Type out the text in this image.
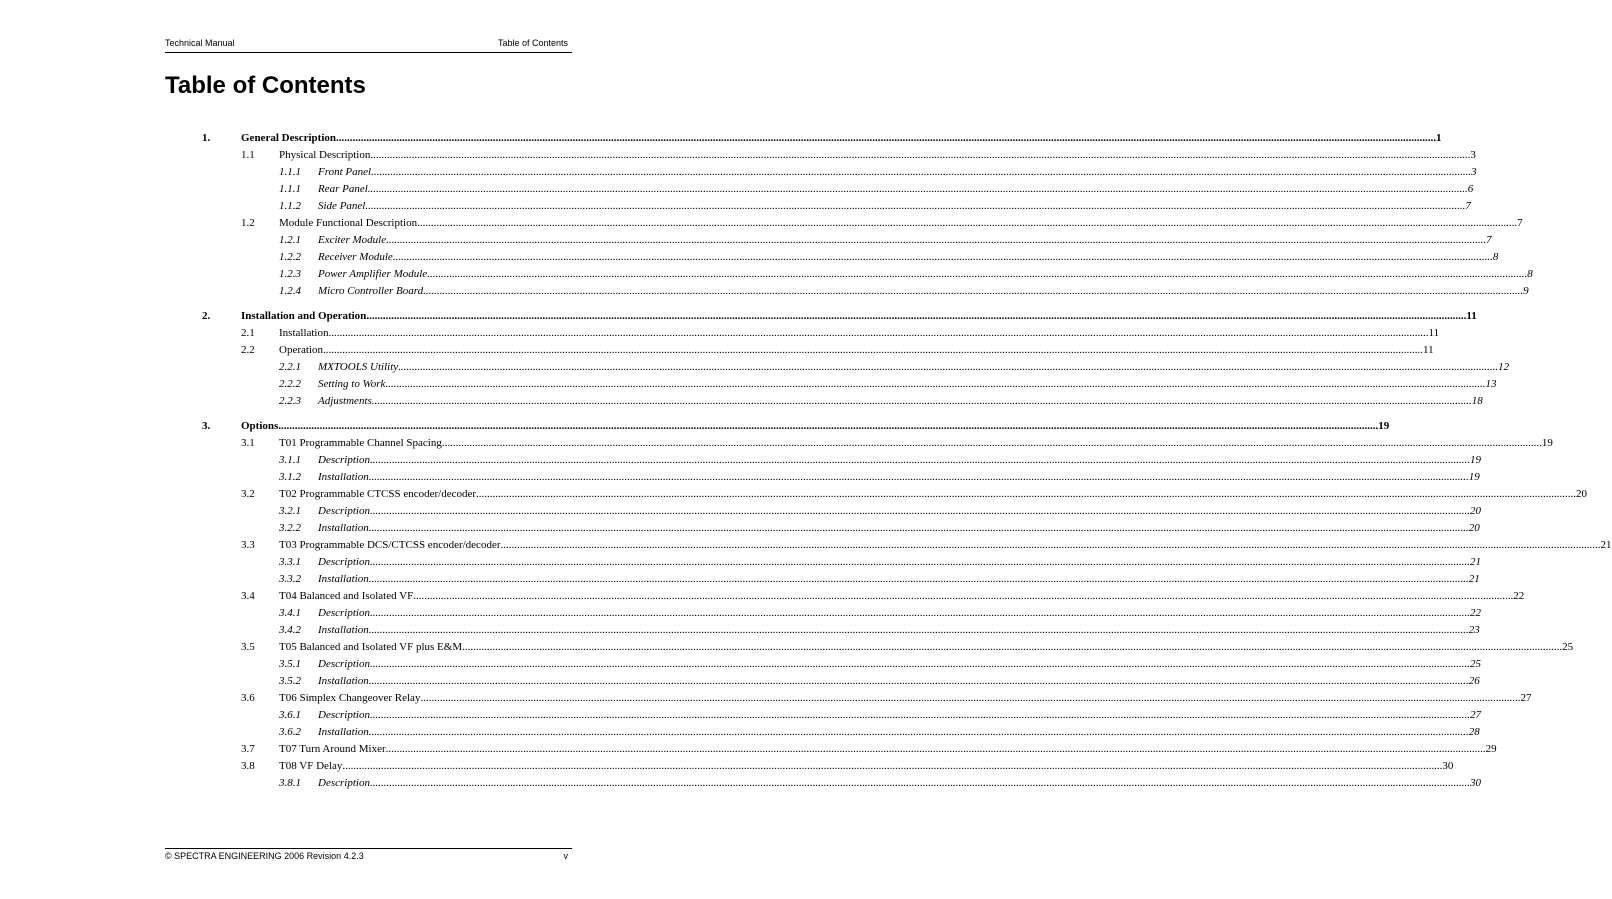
Technical Manual	Table of Contents
Table of Contents
1.	General Description ................................................................................................................................................................................................................................................................................................................................................................................................................ 1
1.1 Physical Description ................................................................................................................................................................................................................................................................................................................................................................................................................ 3
1.1.1 Front Panel ................................................................................................................................................................................................................................................................................................................................................................................................................ 3
1.1.1 Rear Panel ................................................................................................................................................................................................................................................................................................................................................................................................................ 6
1.1.2 Side Panel ................................................................................................................................................................................................................................................................................................................................................................................................................ 7
1.2 Module Functional Description ................................................................................................................................................................................................................................................................................................................................................................................................................ 7
1.2.1 Exciter Module ................................................................................................................................................................................................................................................................................................................................................................................................................ 7
1.2.2 Receiver Module ................................................................................................................................................................................................................................................................................................................................................................................................................ 8
1.2.3 Power Amplifier Module ................................................................................................................................................................................................................................................................................................................................................................................................................ 8
1.2.4 Micro Controller Board ................................................................................................................................................................................................................................................................................................................................................................................................................ 9
2.	Installation and Operation ................................................................................................................................................................................................................................................................................................................................................................................................................ 11
2.1 Installation ................................................................................................................................................................................................................................................................................................................................................................................................................ 11
2.2 Operation ................................................................................................................................................................................................................................................................................................................................................................................................................ 11
2.2.1 MXTOOLS Utility ................................................................................................................................................................................................................................................................................................................................................................................................................ 12
2.2.2 Setting to Work ................................................................................................................................................................................................................................................................................................................................................................................................................ 13
2.2.3 Adjustments ................................................................................................................................................................................................................................................................................................................................................................................................................ 18
3.	Options ................................................................................................................................................................................................................................................................................................................................................................................................................ 19
3.1 T01 Programmable Channel Spacing ................................................................................................................................................................................................................................................................................................................................................................................................................ 19
3.1.1 Description ................................................................................................................................................................................................................................................................................................................................................................................................................ 19
3.1.2 Installation ................................................................................................................................................................................................................................................................................................................................................................................................................ 19
3.2 T02 Programmable CTCSS encoder/decoder ................................................................................................................................................................................................................................................................................................................................................................................................................ 20
3.2.1 Description ................................................................................................................................................................................................................................................................................................................................................................................................................ 20
3.2.2 Installation ................................................................................................................................................................................................................................................................................................................................................................................................................ 20
3.3 T03 Programmable DCS/CTCSS encoder/decoder ................................................................................................................................................................................................................................................................................................................................................................................................................ 21
3.3.1 Description ................................................................................................................................................................................................................................................................................................................................................................................................................ 21
3.3.2 Installation ................................................................................................................................................................................................................................................................................................................................................................................................................ 21
3.4 T04 Balanced and Isolated VF ................................................................................................................................................................................................................................................................................................................................................................................................................ 22
3.4.1 Description ................................................................................................................................................................................................................................................................................................................................................................................................................ 22
3.4.2 Installation ................................................................................................................................................................................................................................................................................................................................................................................................................ 23
3.5 T05 Balanced and Isolated VF plus E&M ................................................................................................................................................................................................................................................................................................................................................................................................................ 25
3.5.1 Description ................................................................................................................................................................................................................................................................................................................................................................................................................ 25
3.5.2 Installation ................................................................................................................................................................................................................................................................................................................................................................................................................ 26
3.6 T06 Simplex Changeover Relay ................................................................................................................................................................................................................................................................................................................................................................................................................ 27
3.6.1 Description ................................................................................................................................................................................................................................................................................................................................................................................................................ 27
3.6.2 Installation ................................................................................................................................................................................................................................................................................................................................................................................................................ 28
3.7 T07 Turn Around Mixer ................................................................................................................................................................................................................................................................................................................................................................................................................ 29
3.8 T08 VF Delay ................................................................................................................................................................................................................................................................................................................................................................................................................ 30
3.8.1 Description ................................................................................................................................................................................................................................................................................................................................................................................................................ 30
© SPECTRA ENGINEERING 2006 Revision 4.2.3	v
